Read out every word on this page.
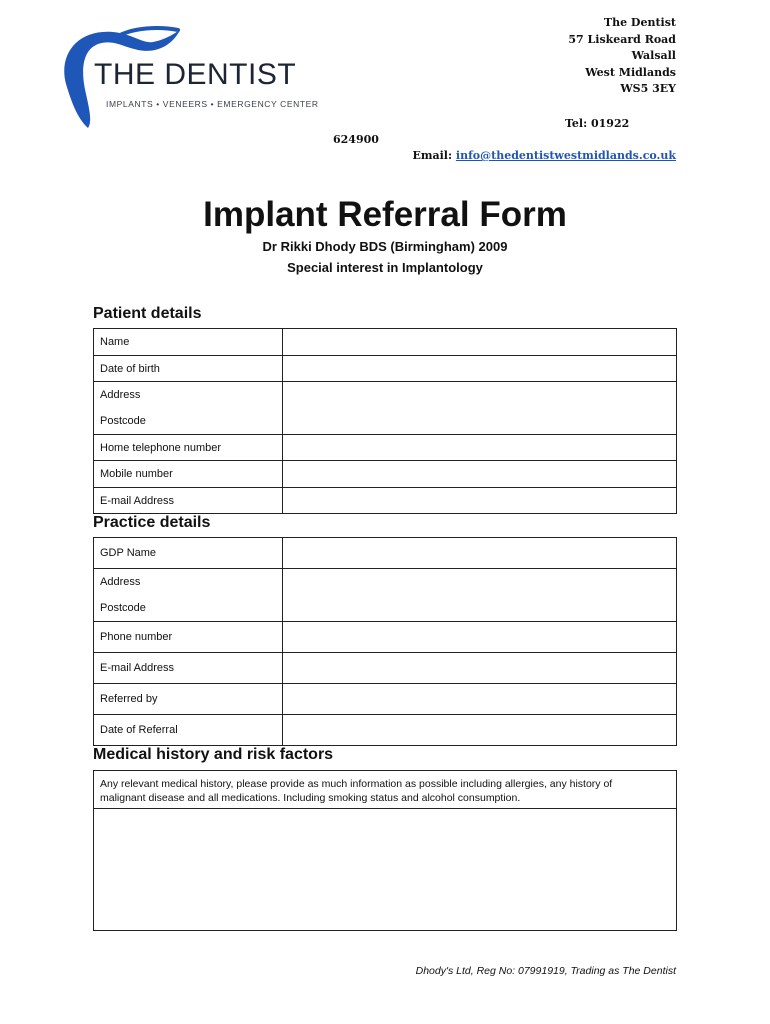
THE DENTIST
IMPLANTS • VENEERS • EMERGENCY CENTER
The Dentist
57 Liskeard Road
Walsall
West Midlands
WS5 3EY
Tel: 01922
624900
Email: info@thedentistwestmidlands.co.uk
Implant Referral Form
Dr Rikki Dhody BDS (Birmingham) 2009
Special interest in Implantology
Patient details
Name	
Date of birth	

Address
Postcode	

Home telephone number	
Mobile number	
E-mail Address	
Practice details
GDP Name	

Address
Postcode	

Phone number	
E-mail Address	
Referred by	
Date of Referral	
Medical history and risk factors
Any relevant medical history, please provide as much information as possible including allergies, any history of
malignant disease and all medications. Including smoking status and alcohol consumption.
Dhody's Ltd, Reg No: 07991919, Trading as The Dentist
